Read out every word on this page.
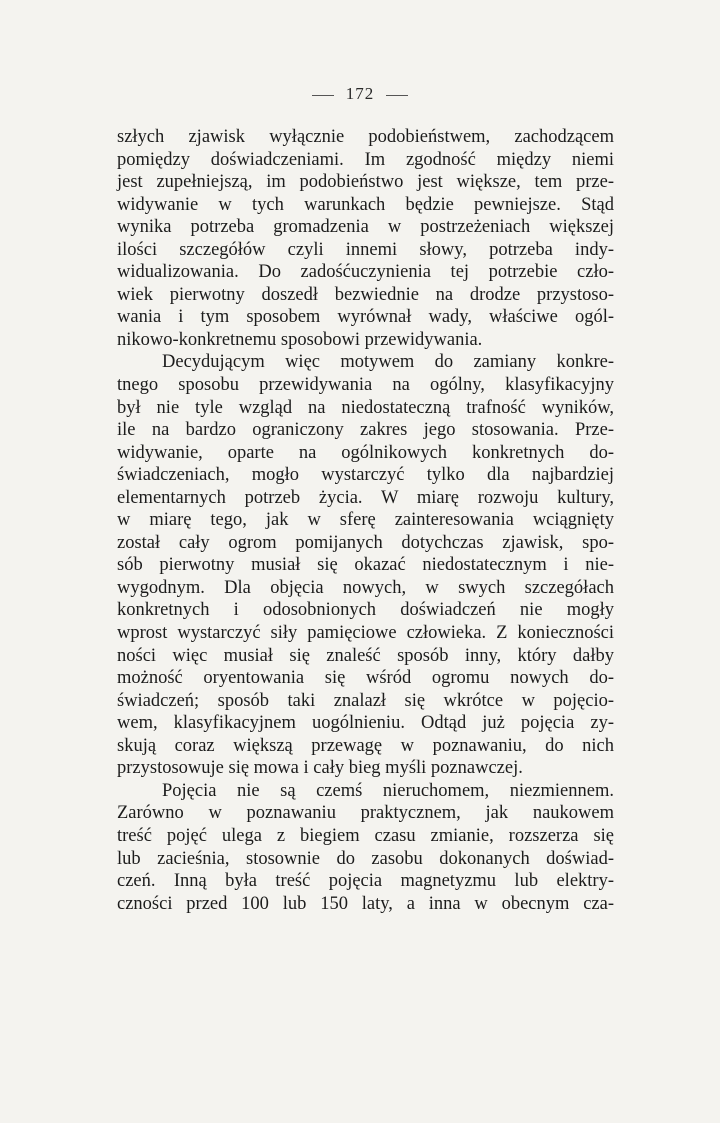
172
szłych zjawisk wyłącznie podobieństwem, zachodzącem
pomiędzy doświadczeniami. Im zgodność między niemi
jest zupełniejszą, im podobieństwo jest większe, tem prze-
widywanie w tych warunkach będzie pewniejsze. Stąd
wynika potrzeba gromadzenia w postrzeżeniach większej
ilości szczegółów czyli innemi słowy, potrzeba indy-
widualizowania. Do zadośćuczynienia tej potrzebie czło-
wiek pierwotny doszedł bezwiednie na drodze przystoso-
wania i tym sposobem wyrównał wady, właściwe ogól-
nikowo-konkretnemu sposobowi przewidywania.
Decydującym więc motywem do zamiany konkre-
tnego sposobu przewidywania na ogólny, klasyfikacyjny
był nie tyle wzgląd na niedostateczną trafność wyników,
ile na bardzo ograniczony zakres jego stosowania. Prze-
widywanie, oparte na ogólnikowych konkretnych do-
świadczeniach, mogło wystarczyć tylko dla najbardziej
elementarnych potrzeb życia. W miarę rozwoju kultury,
w miarę tego, jak w sferę zainteresowania wciągnięty
został cały ogrom pomijanych dotychczas zjawisk, spo-
sób pierwotny musiał się okazać niedostatecznym i nie-
wygodnym. Dla objęcia nowych, w swych szczegółach
konkretnych i odosobnionych doświadczeń nie mogły
wprost wystarczyć siły pamięciowe człowieka. Z konieczności
ności więc musiał się znaleść sposób inny, który dałby
możność oryentowania się wśród ogromu nowych do-
świadczeń; sposób taki znalazł się wkrótce w pojęcio-
wem, klasyfikacyjnem uogólnieniu. Odtąd już pojęcia zy-
skują coraz większą przewagę w poznawaniu, do nich
przystosowuje się mowa i cały bieg myśli poznawczej.
Pojęcia nie są czemś nieruchomem, niezmiennem.
Zarówno w poznawaniu praktycznem, jak naukowem
treść pojęć ulega z biegiem czasu zmianie, rozszerza się
lub zacieśnia, stosownie do zasobu dokonanych doświad-
czeń. Inną była treść pojęcia magnetyzmu lub elektry-
czności przed 100 lub 150 laty, a inna w obecnym cza-
